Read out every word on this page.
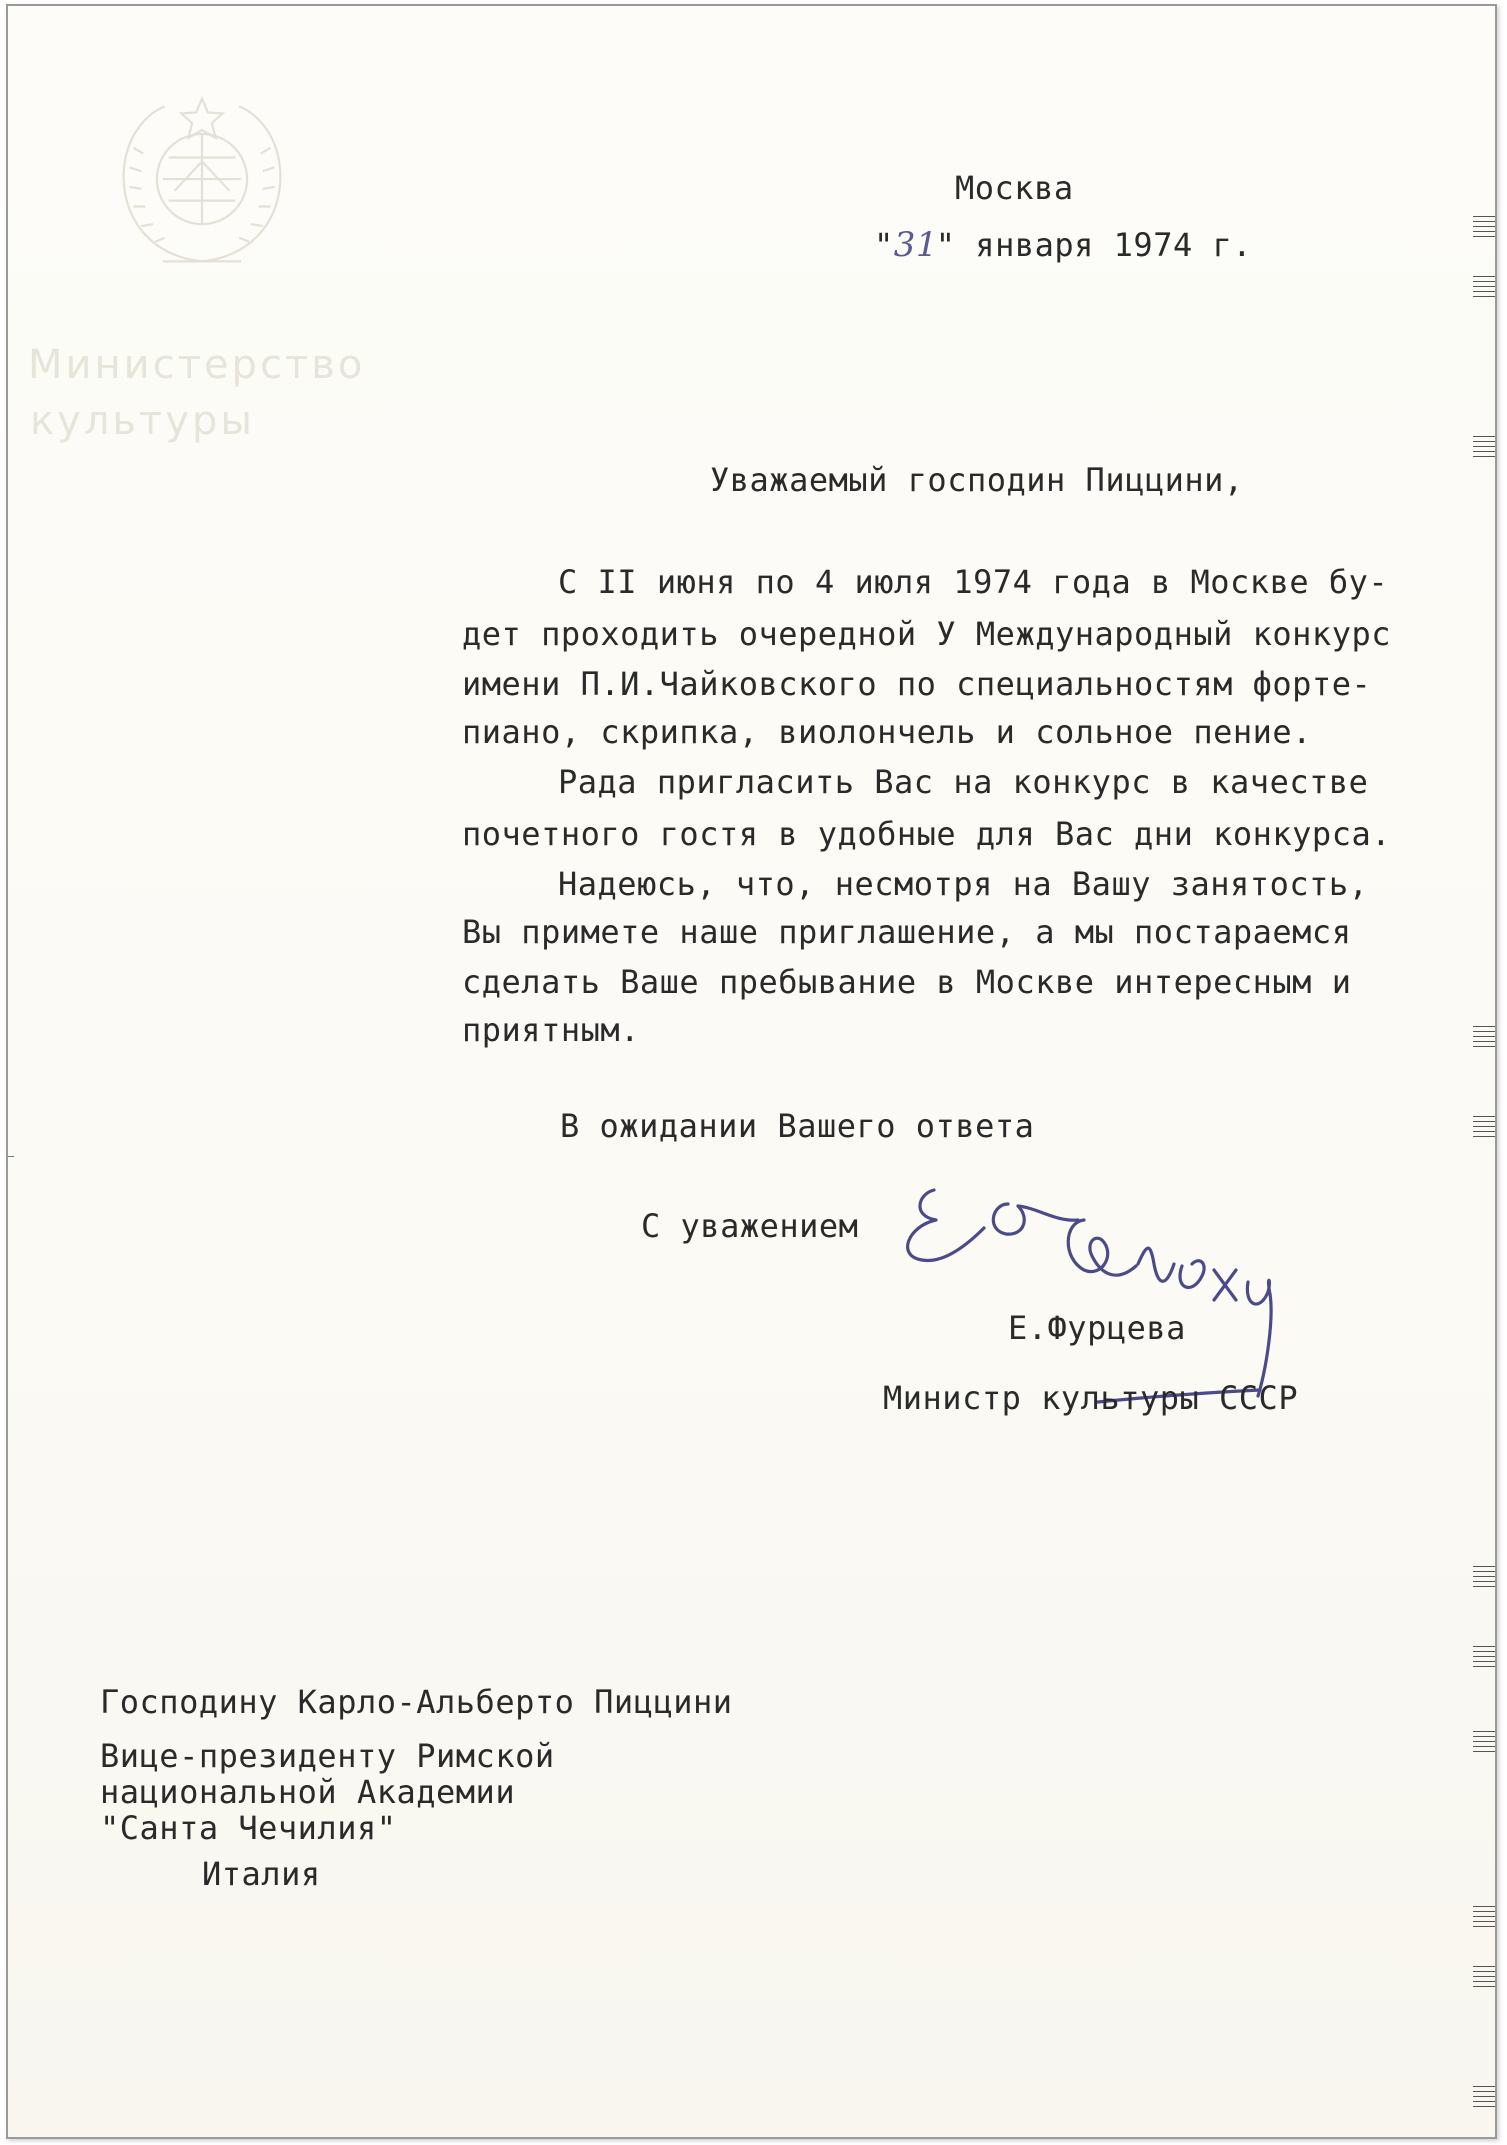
Министерство
культуры
Москва
"31" января 1974 г.
Уважаемый господин Пиццини,
С II июня по 4 июля 1974 года в Москве бу-
дет проходить очередной У Международный конкурс
имени П.И.Чайковского по специальностям форте-
пиано, скрипка, виолончель и сольное пение.
Рада пригласить Вас на конкурс в качестве
почетного гостя в удобные для Вас дни конкурса.
Надеюсь, что, несмотря на Вашу занятость,
Вы примете наше приглашение, а мы постараемся
сделать Ваше пребывание в Москве интересным и
приятным.
В ожидании Вашего ответа
С уважением
Е.Фурцева
Министр культуры СССР
Господину Карло-Альберто Пиццини
Вице-президенту Римской
национальной Академии
"Санта Чечилия"
Италия
